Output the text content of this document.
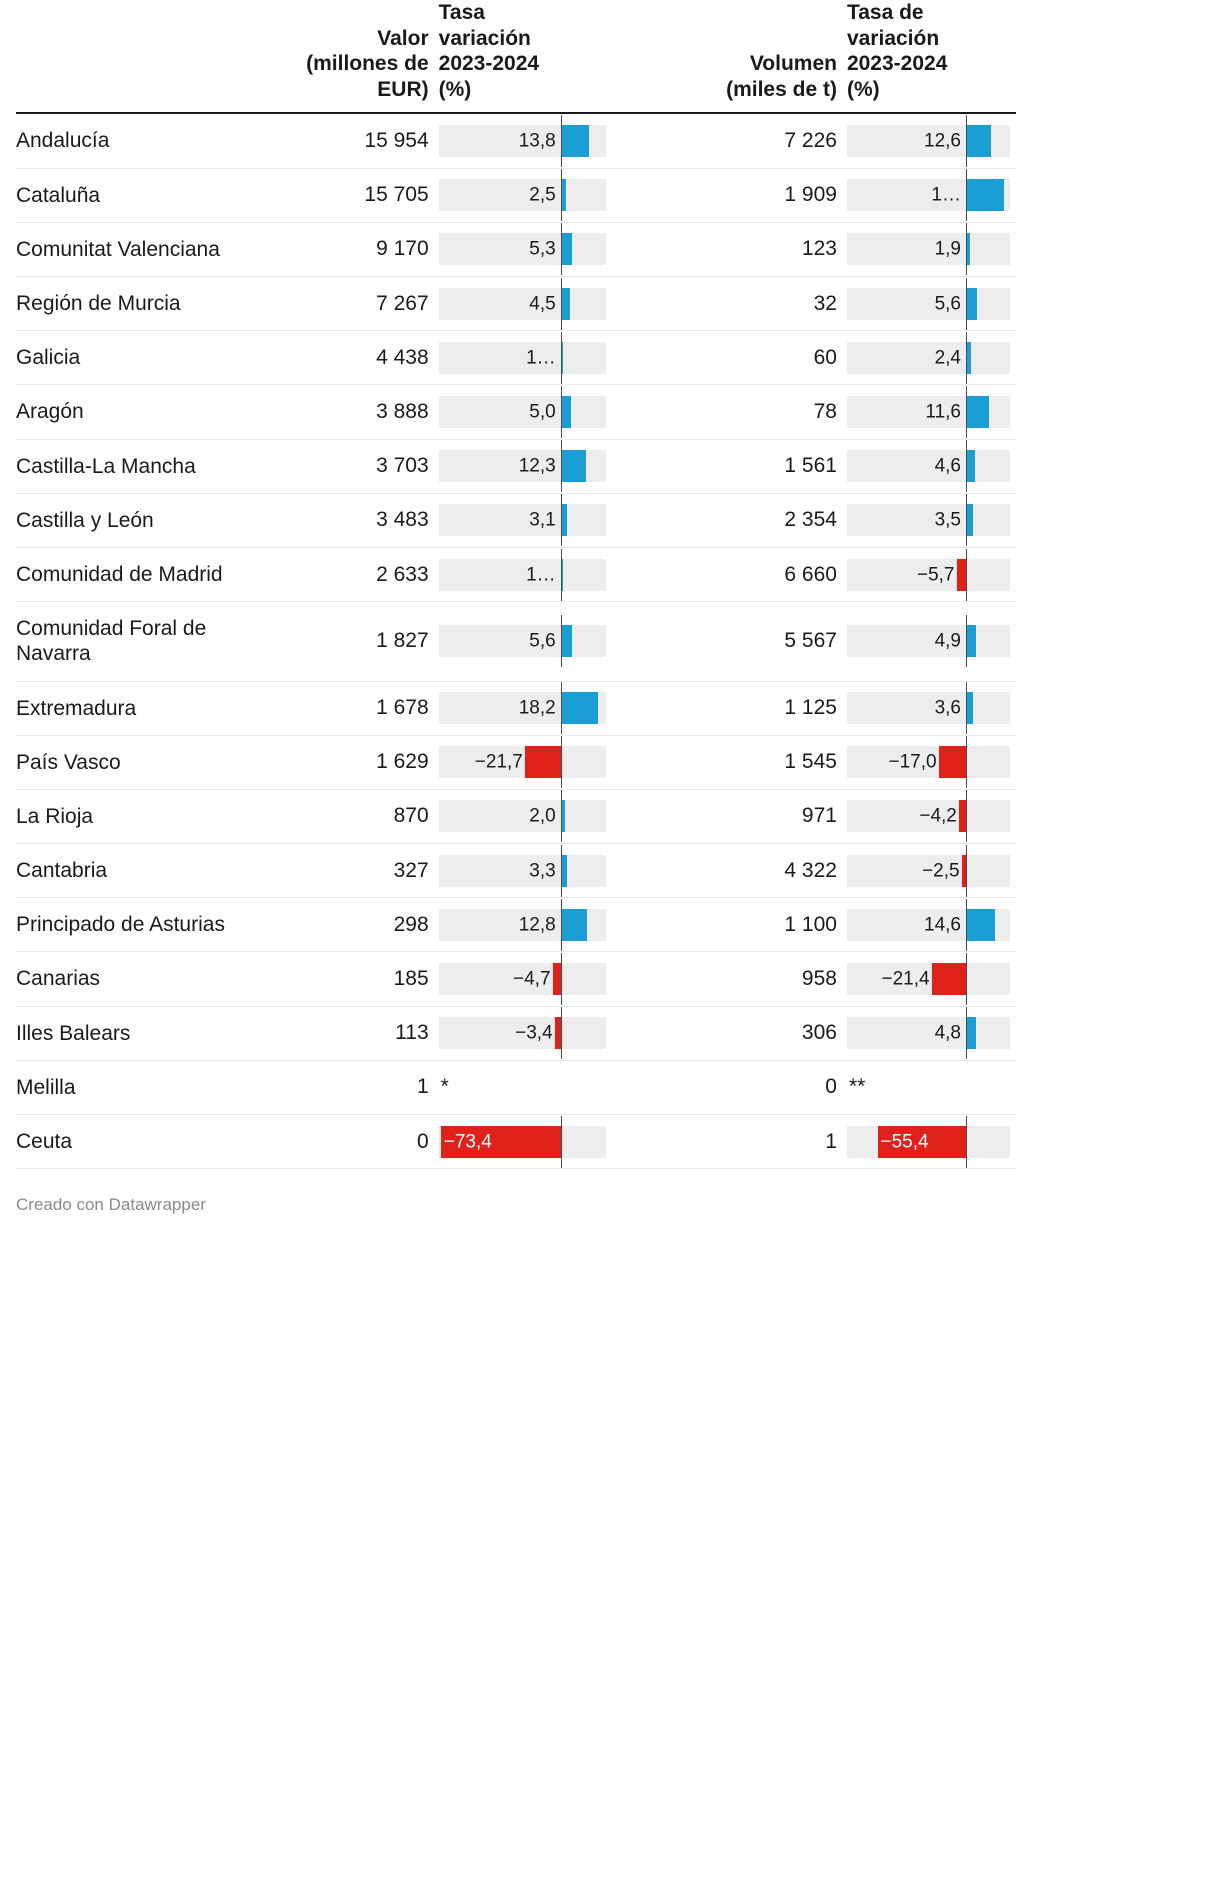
Valor
(millones de
EUR)

Tasa
variación
2023-2024
(%)

Volumen
(miles de t)

Tasa de
variación
2023-2024
(%)

Andalucía	15 954	13,8	7 226	12,6

Cataluña	15 705	2,5	1 909	1…

Comunitat Valenciana	9 170	5,3	123	1,9

Región de Murcia	7 267	4,5	32	5,6

Galicia	4 438	1…	60	2,4

Aragón	3 888	5,0	78	11,6

Castilla-La Mancha	3 703	12,3	1 561	4,6

Castilla y León	3 483	3,1	2 354	3,5

Comunidad de Madrid	2 633	1…	6 660	−5,7

Comunidad Foral de Navarra	1 827	5,6	5 567	4,9

Extremadura	1 678	18,2	1 125	3,6

País Vasco	1 629	−21,7	1 545	−17,0

La Rioja	870	2,0	971	−4,2

Cantabria	327	3,3	4 322	−2,5

Principado de Asturias	298	12,8	1 100	14,6

Canarias	185	−4,7	958	−21,4

Illes Balears	113	−3,4	306	4,8

Melilla	1	*	0	**
Ceuta	0	−73,4	1	−55,4
Creado con Datawrapper
